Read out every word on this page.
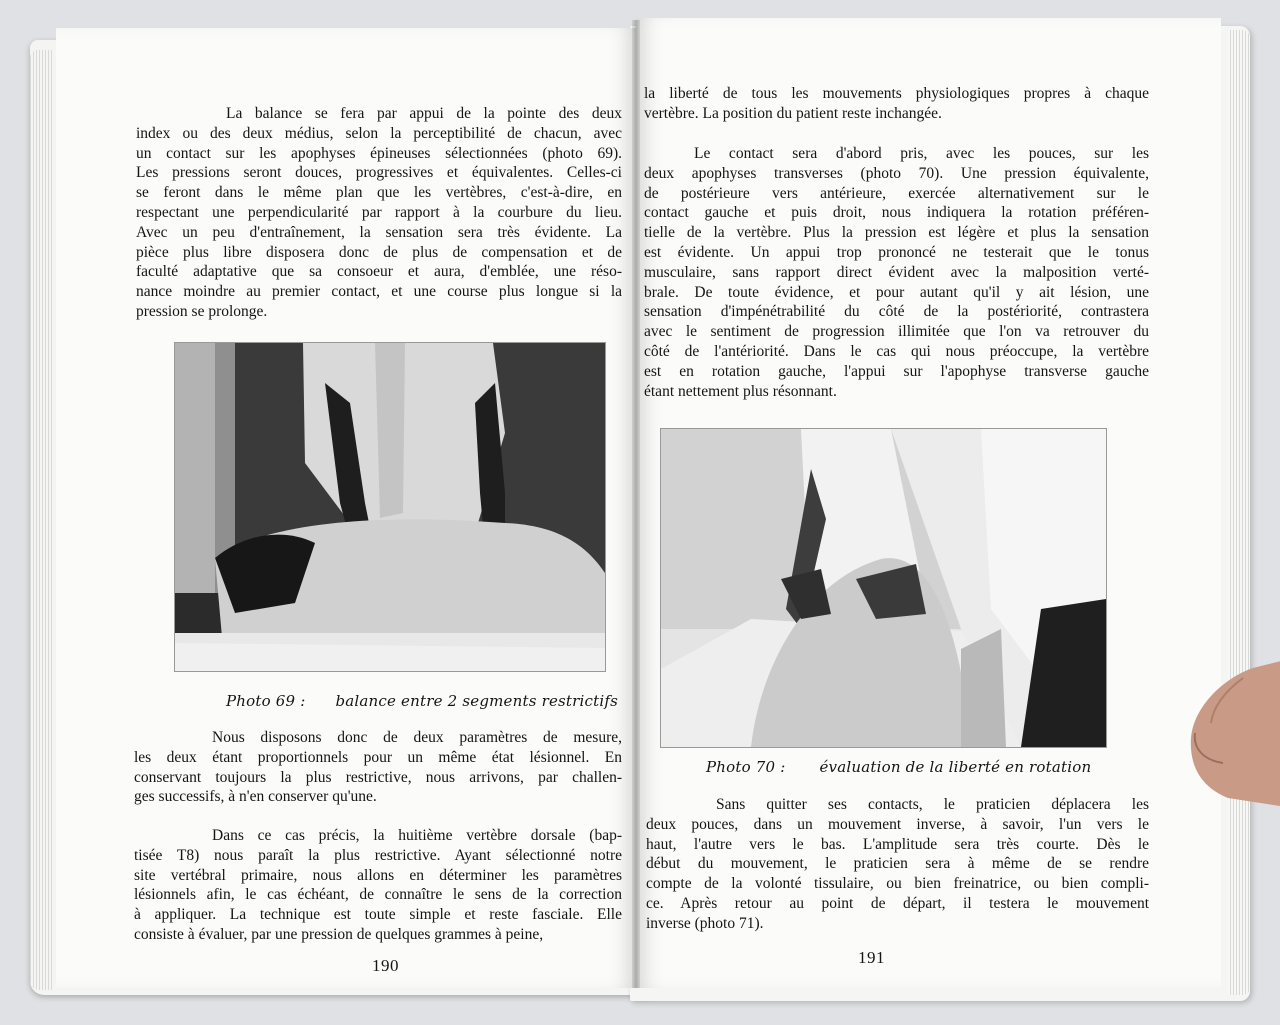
La balance se fera par appui de la pointe des deux
index ou des deux médius, selon la perceptibilité de chacun, avec
un contact sur les apophyses épineuses sélectionnées (photo 69).
Les pressions seront douces, progressives et équivalentes. Celles-ci
se feront dans le même plan que les vertèbres, c'est-à-dire, en
respectant une perpendicularité par rapport à la courbure du lieu.
Avec un peu d'entraînement, la sensation sera très évidente. La
pièce plus libre disposera donc de plus de compensation et de
faculté adaptative que sa consoeur et aura, d'emblée, une réso-
nance moindre au premier contact, et une course plus longue si la
pression se prolonge.
Photo 69 : balance entre 2 segments restrictifs
Nous disposons donc de deux paramètres de mesure,
les deux étant proportionnels pour un même état lésionnel. En
conservant toujours la plus restrictive, nous arrivons, par challen-
ges successifs, à n'en conserver qu'une.
Dans ce cas précis, la huitième vertèbre dorsale (bap-
tisée T8) nous paraît la plus restrictive. Ayant sélectionné notre
site vertébral primaire, nous allons en déterminer les paramètres
lésionnels afin, le cas échéant, de connaître le sens de la correction
à appliquer. La technique est toute simple et reste fasciale. Elle
consiste à évaluer, par une pression de quelques grammes à peine,
190
la liberté de tous les mouvements physiologiques propres à chaque
vertèbre. La position du patient reste inchangée.
Le contact sera d'abord pris, avec les pouces, sur les
deux apophyses transverses (photo 70). Une pression équivalente,
de postérieure vers antérieure, exercée alternativement sur le
contact gauche et puis droit, nous indiquera la rotation préféren-
tielle de la vertèbre. Plus la pression est légère et plus la sensation
est évidente. Un appui trop prononcé ne testerait que le tonus
musculaire, sans rapport direct évident avec la malposition verté-
brale. De toute évidence, et pour autant qu'il y ait lésion, une
sensation d'impénétrabilité du côté de la postériorité, contrastera
avec le sentiment de progression illimitée que l'on va retrouver du
côté de l'antériorité. Dans le cas qui nous préoccupe, la vertèbre
est en rotation gauche, l'appui sur l'apophyse transverse gauche
étant nettement plus résonnant.
Photo 70 : évaluation de la liberté en rotation
Sans quitter ses contacts, le praticien déplacera les
deux pouces, dans un mouvement inverse, à savoir, l'un vers le
haut, l'autre vers le bas. L'amplitude sera très courte. Dès le
début du mouvement, le praticien sera à même de se rendre
compte de la volonté tissulaire, ou bien freinatrice, ou bien compli-
ce. Après retour au point de départ, il testera le mouvement
inverse (photo 71).
191
